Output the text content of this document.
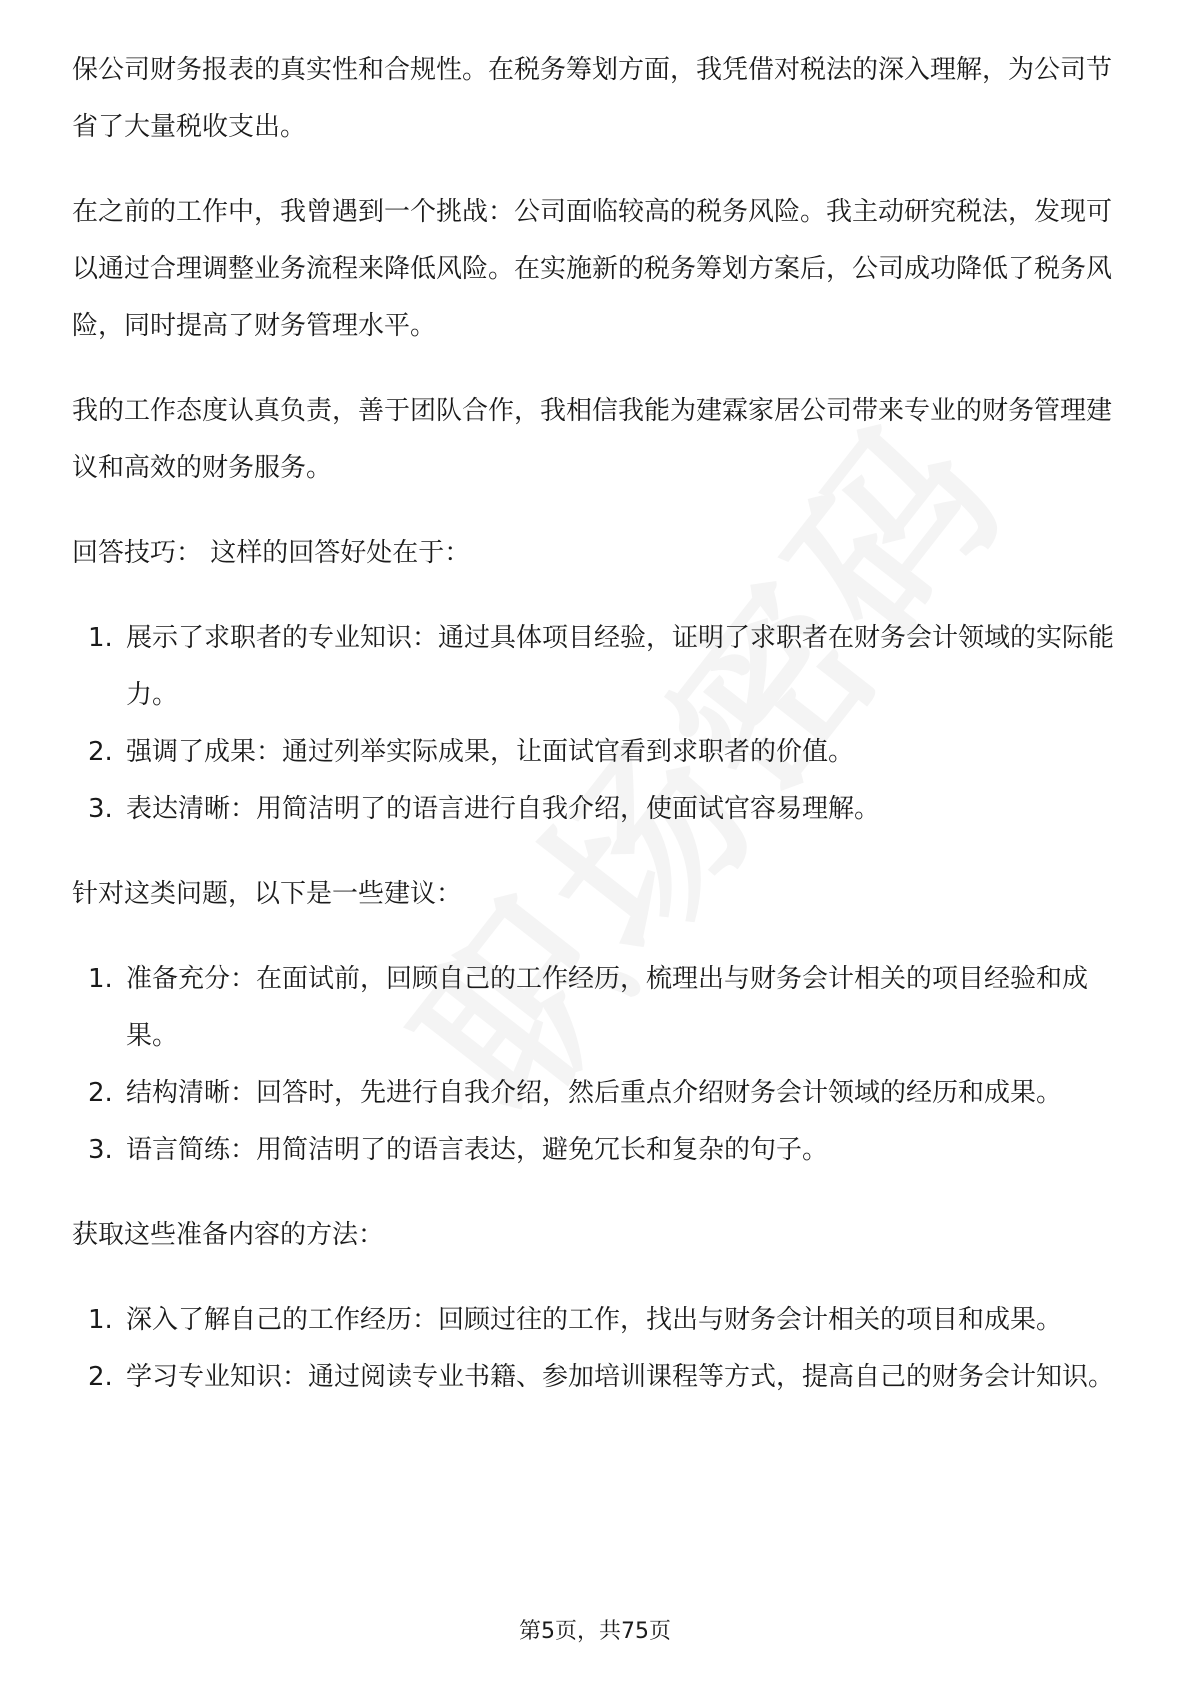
保公司财务报表的真实性和合规性。在税务筹划方面，我凭借对税法的深入理解，为公司节省了大量税收支出。

在之前的工作中，我曾遇到一个挑战：公司面临较高的税务风险。我主动研究税法，发现可以通过合理调整业务流程来降低风险。在实施新的税务筹划方案后，公司成功降低了税务风险，同时提高了财务管理水平。

我的工作态度认真负责，善于团队合作，我相信我能为建霖家居公司带来专业的财务管理建议和高效的财务服务。

回答技巧： 这样的回答好处在于：

1. 展示了求职者的专业知识：通过具体项目经验，证明了求职者在财务会计领域的实际能力。
2. 强调了成果：通过列举实际成果，让面试官看到求职者的价值。
3. 表达清晰：用简洁明了的语言进行自我介绍，使面试官容易理解。

针对这类问题，以下是一些建议：

1. 准备充分：在面试前，回顾自己的工作经历，梳理出与财务会计相关的项目经验和成果。
2. 结构清晰：回答时，先进行自我介绍，然后重点介绍财务会计领域的经历和成果。
3. 语言简练：用简洁明了的语言表达，避免冗长和复杂的句子。

获取这些准备内容的方法：

1. 深入了解自己的工作经历：回顾过往的工作，找出与财务会计相关的项目和成果。
2. 学习专业知识：通过阅读专业书籍、参加培训课程等方式，提高自己的财务会计知识。
第5页，共75页
